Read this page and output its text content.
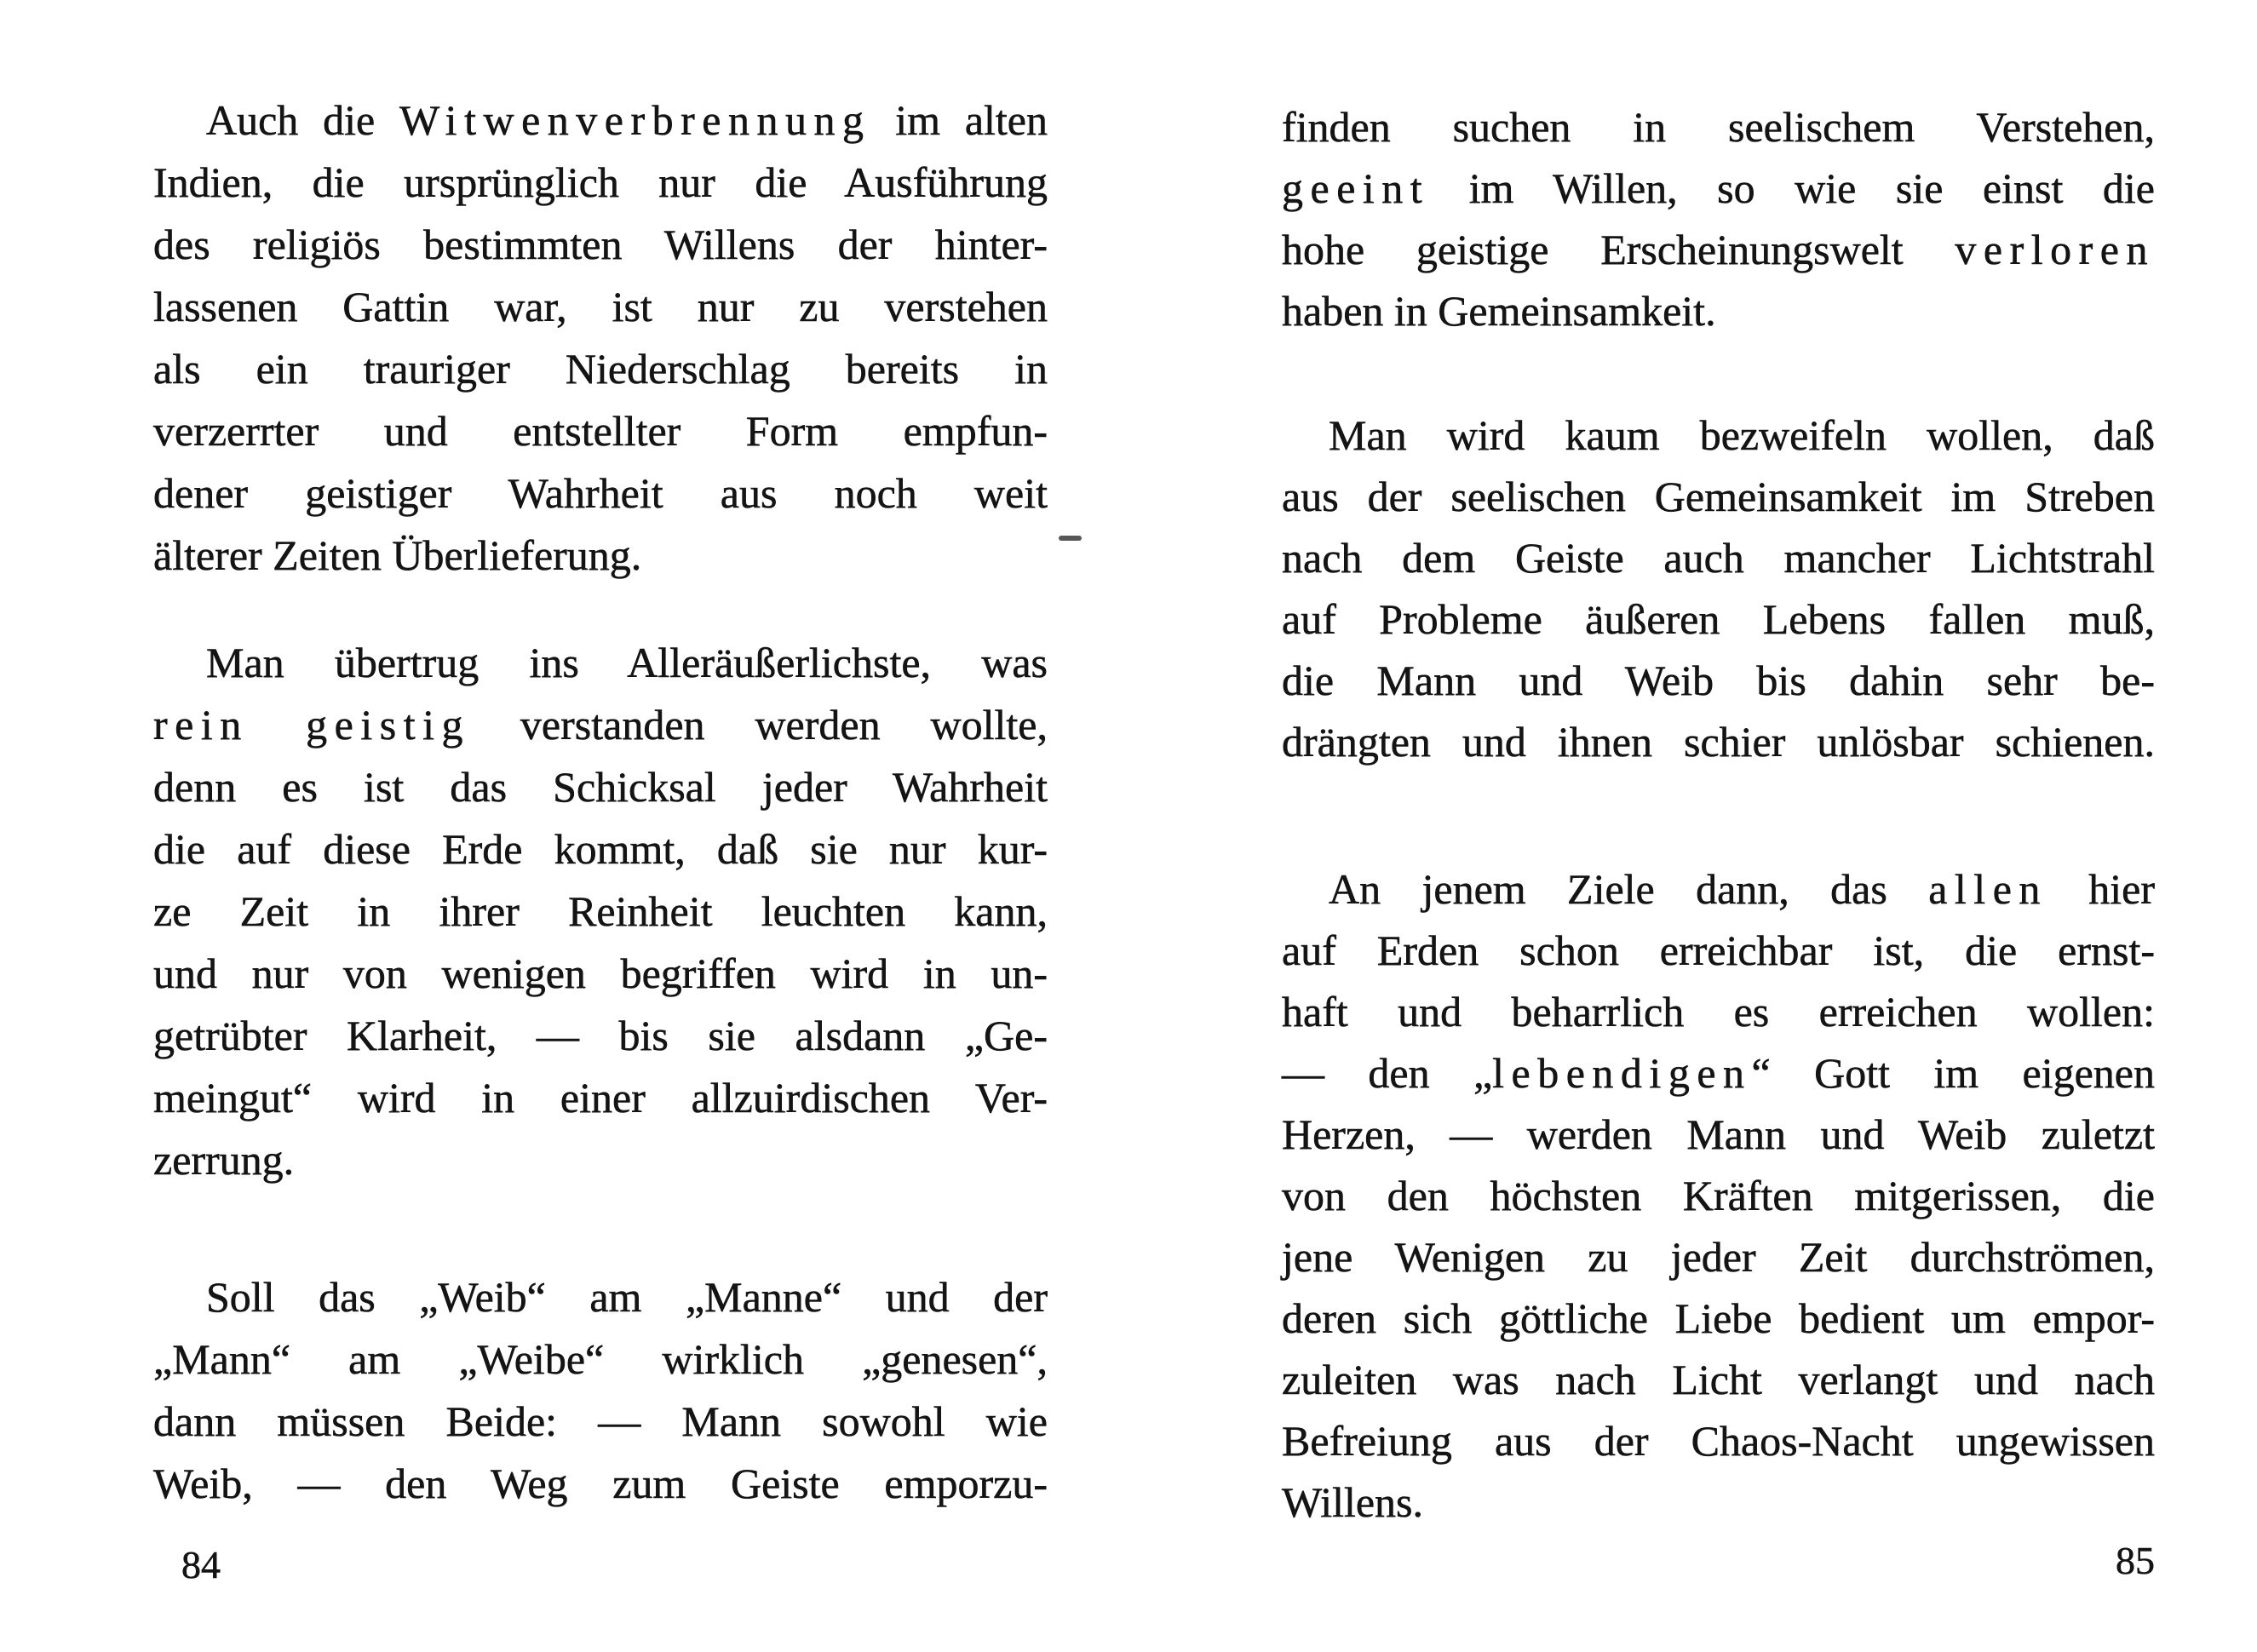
Auch die Witwenverbrennung im alten
Indien, die ursprünglich nur die Ausführung
des religiös bestimmten Willens der hinter-
lassenen Gattin war, ist nur zu verstehen
als ein trauriger Niederschlag bereits in
verzerrter und entstellter Form empfun-
dener geistiger Wahrheit aus noch weit
älterer Zeiten Überlieferung.
Man übertrug ins Alleräußerlichste, was
rein geistig verstanden werden wollte,
denn es ist das Schicksal jeder Wahrheit
die auf diese Erde kommt, daß sie nur kur-
ze Zeit in ihrer Reinheit leuchten kann,
und nur von wenigen begriffen wird in un-
getrübter Klarheit, — bis sie alsdann „Ge-
meingut“ wird in einer allzuirdischen Ver-
zerrung.
Soll das „Weib“ am „Manne“ und der
„Mann“ am „Weibe“ wirklich „genesen“,
dann müssen Beide: — Mann sowohl wie
Weib, — den Weg zum Geiste emporzu-
84
finden suchen in seelischem Verstehen,
geeint im Willen, so wie sie einst die
hohe geistige Erscheinungswelt verloren
haben in Gemeinsamkeit.
Man wird kaum bezweifeln wollen, daß
aus der seelischen Gemeinsamkeit im Streben
nach dem Geiste auch mancher Lichtstrahl
auf Probleme äußeren Lebens fallen muß,
die Mann und Weib bis dahin sehr be-
drängten und ihnen schier unlösbar schienen.
An jenem Ziele dann, das allen hier
auf Erden schon erreichbar ist, die ernst-
haft und beharrlich es erreichen wollen:
— den „lebendigen“ Gott im eigenen
Herzen, — werden Mann und Weib zuletzt
von den höchsten Kräften mitgerissen, die
jene Wenigen zu jeder Zeit durchströmen,
deren sich göttliche Liebe bedient um empor-
zuleiten was nach Licht verlangt und nach
Befreiung aus der Chaos-Nacht ungewissen
Willens.
85
